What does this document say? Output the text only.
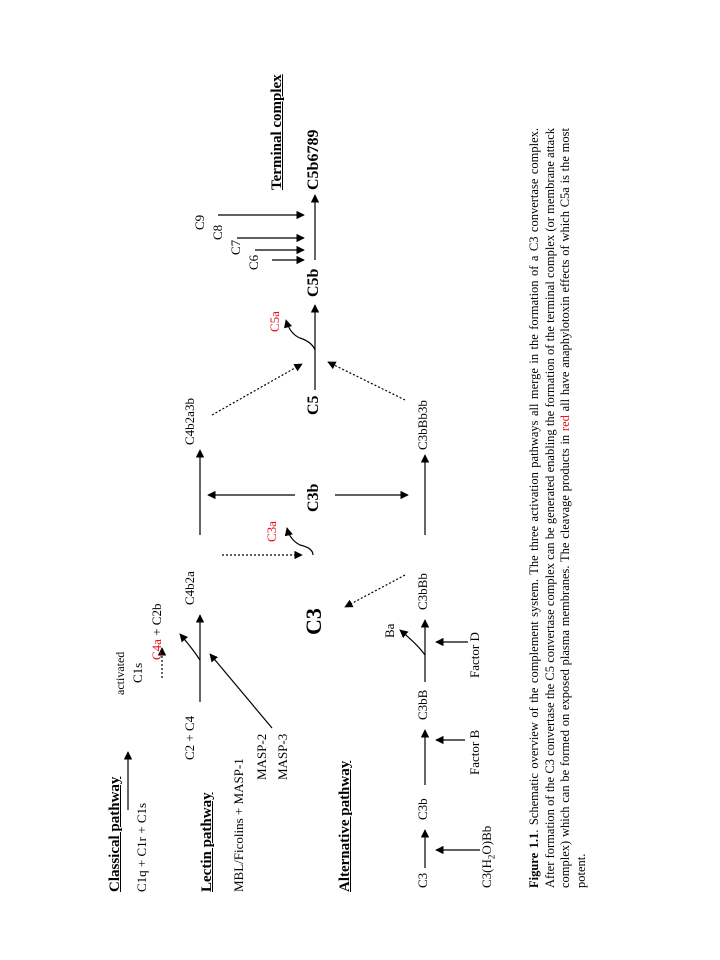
Classical pathway C1q + C1r + C1s
activated C1s
C2 + C4
C4a + C2b
C4b2a
C4b2a3b
Lectin pathway MBL/Ficolins + MASP-1
MASP-2 MASP-3
Alternative pathway	C3	$C3(H_2O)Bb$
C3b
Factor B
C3bB
Ba
Factor D
C3bBb
C3bBb3b
C3
C3a
C3b
C5
C5a
C5b
C6
C7
C8
C9
Terminal complex C5b6789
Figure 1.1. Schematic overview of the complement system. The three activation pathways all merge in the formation of a C3 convertase complex. After formation of the C3 convertase the C5 convertase complex can be generated enabling the formation of the terminal complex (or membrane attack complex) which can be formed on exposed plasma membranes. The cleavage products in red all have anaphylotoxin effects of which C5a is the most potent.
